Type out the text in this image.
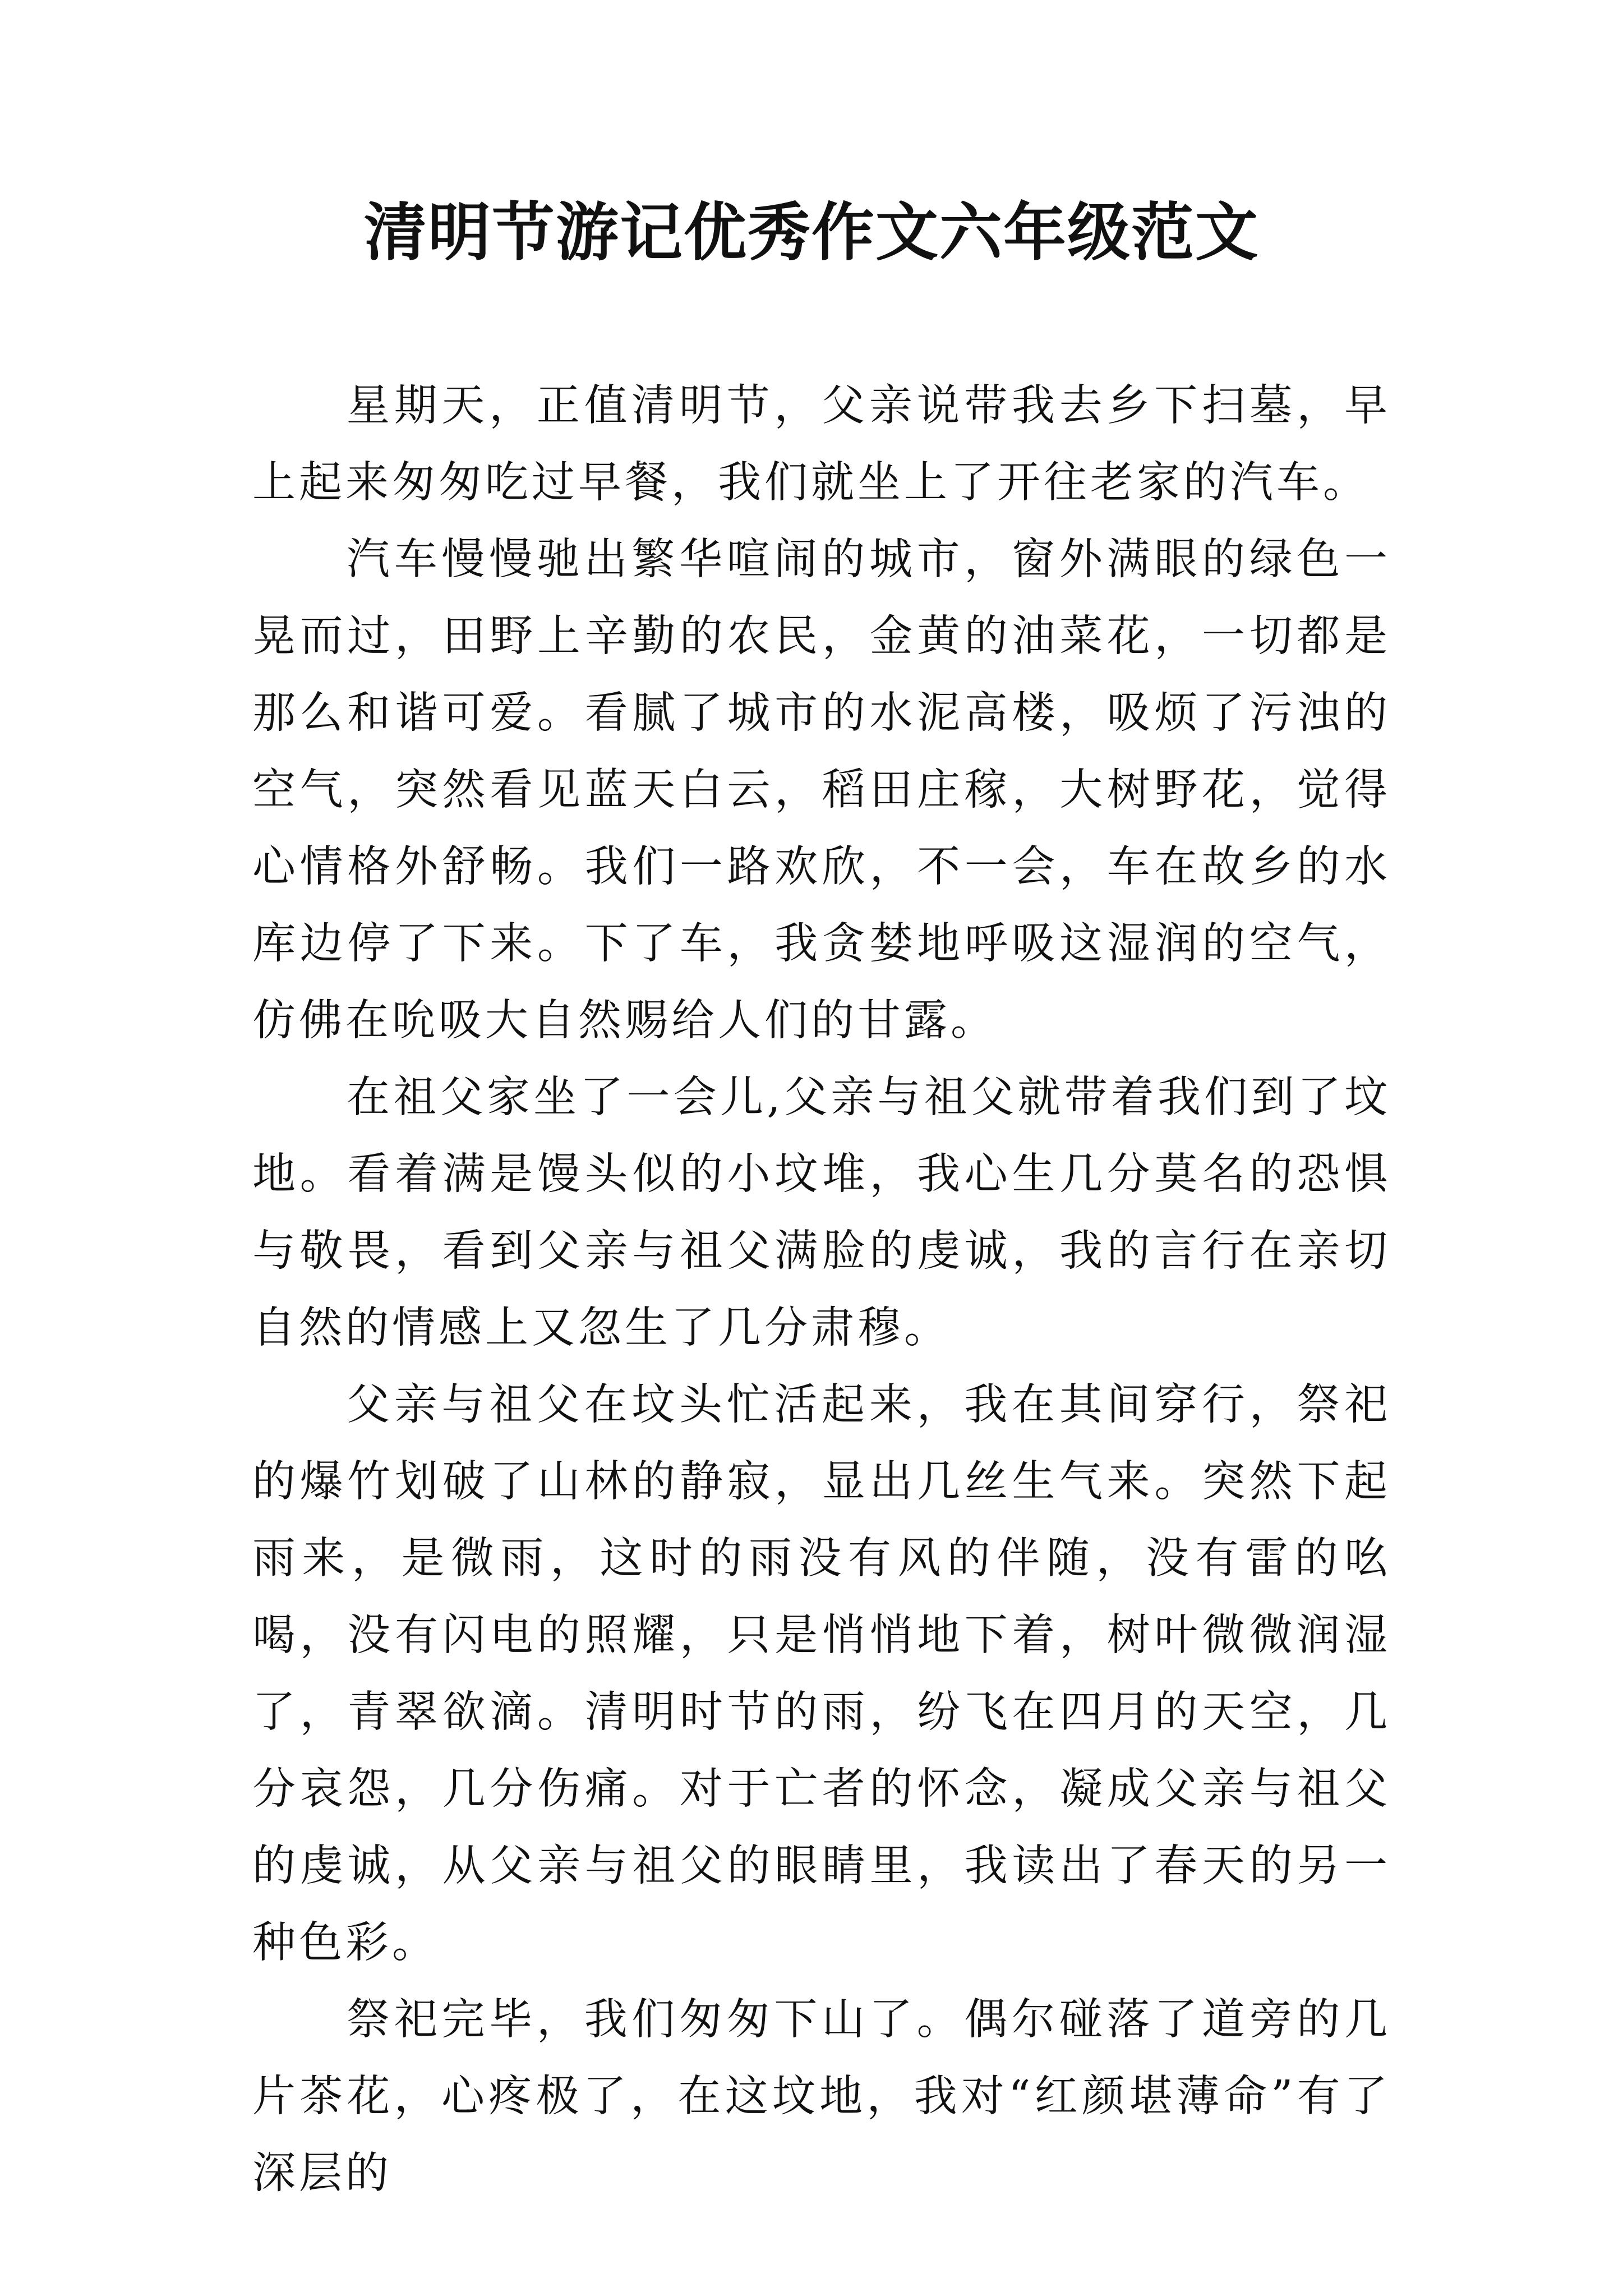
清明节游记优秀作文六年级范文

星期天，正值清明节，父亲说带我去乡下扫墓，早上起来匆匆吃过早餐，我们就坐上了开往老家的汽车。

汽车慢慢驰出繁华喧闹的城市，窗外满眼的绿色一晃而过，田野上辛勤的农民，金黄的油菜花，一切都是那么和谐可爱。看腻了城市的水泥高楼，吸烦了污浊的空气，突然看见蓝天白云，稻田庄稼，大树野花，觉得心情格外舒畅。我们一路欢欣，不一会，车在故乡的水库边停了下来。下了车，我贪婪地呼吸这湿润的空气，仿佛在吮吸大自然赐给人们的甘露。

在祖父家坐了一会儿,父亲与祖父就带着我们到了坟地。看着满是馒头似的小坟堆，我心生几分莫名的恐惧与敬畏，看到父亲与祖父满脸的虔诚，我的言行在亲切自然的情感上又忽生了几分肃穆。

父亲与祖父在坟头忙活起来，我在其间穿行，祭祀的爆竹划破了山林的静寂，显出几丝生气来。突然下起雨来，是微雨，这时的雨没有风的伴随，没有雷的吆喝，没有闪电的照耀，只是悄悄地下着，树叶微微润湿了，青翠欲滴。清明时节的雨，纷飞在四月的天空，几分哀怨，几分伤痛。对于亡者的怀念，凝成父亲与祖父的虔诚，从父亲与祖父的眼睛里，我读出了春天的另一种色彩。

祭祀完毕，我们匆匆下山了。偶尔碰落了道旁的几片茶花，心疼极了，在这坟地，我对“红颜堪薄命”有了深层的
